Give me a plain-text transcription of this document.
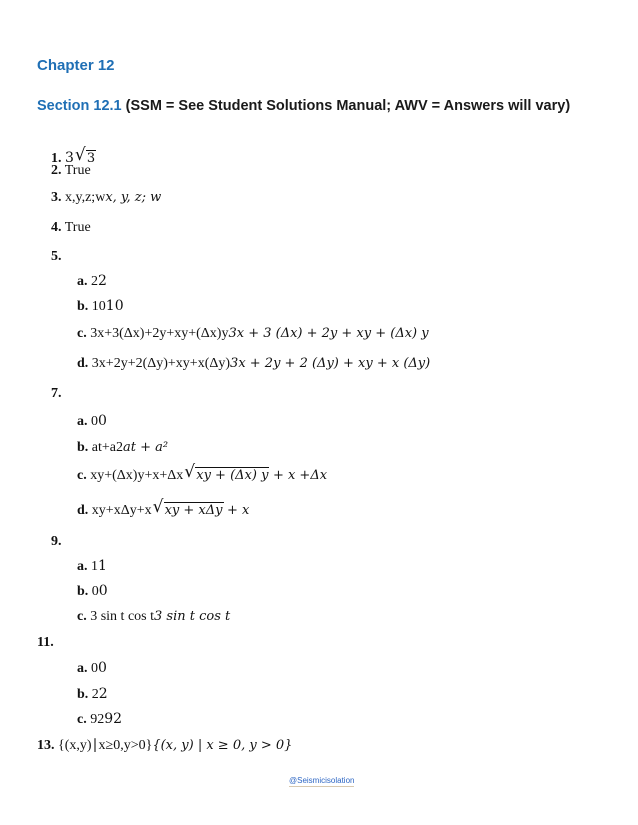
Chapter 12
Section 12.1 (SSM = See Student Solutions Manual; AWV = Answers will vary)
1. 3 √ 3
2. True
3. x,y,z;wx, y, z; w
4. True
5.
a. 22
b. 1010
c. 3x+3(Δx)+2y+xy+(Δx)y3x + 3 (Δx) + 2y + xy + (Δx) y
d. 3x+2y+2(Δy)+xy+x(Δy)3x + 2y + 2 (Δy) + xy + x (Δy)
7.
a. 00
b. at+a2at + a²
c. xy+(Δx)y+x+Δx √ xy + (Δx) y + x +Δx
d. xy+xΔy+x √ xy + xΔy + x
9.
a. 11
b. 00
c. 3 sin t cos t3 sin t cos t
11.
a. 00
b. 22
c. 9292
13. {(x,y)∣x≥0,y>0}{(x, y) | x ≥ 0, y > 0}
@Seismicisolation
